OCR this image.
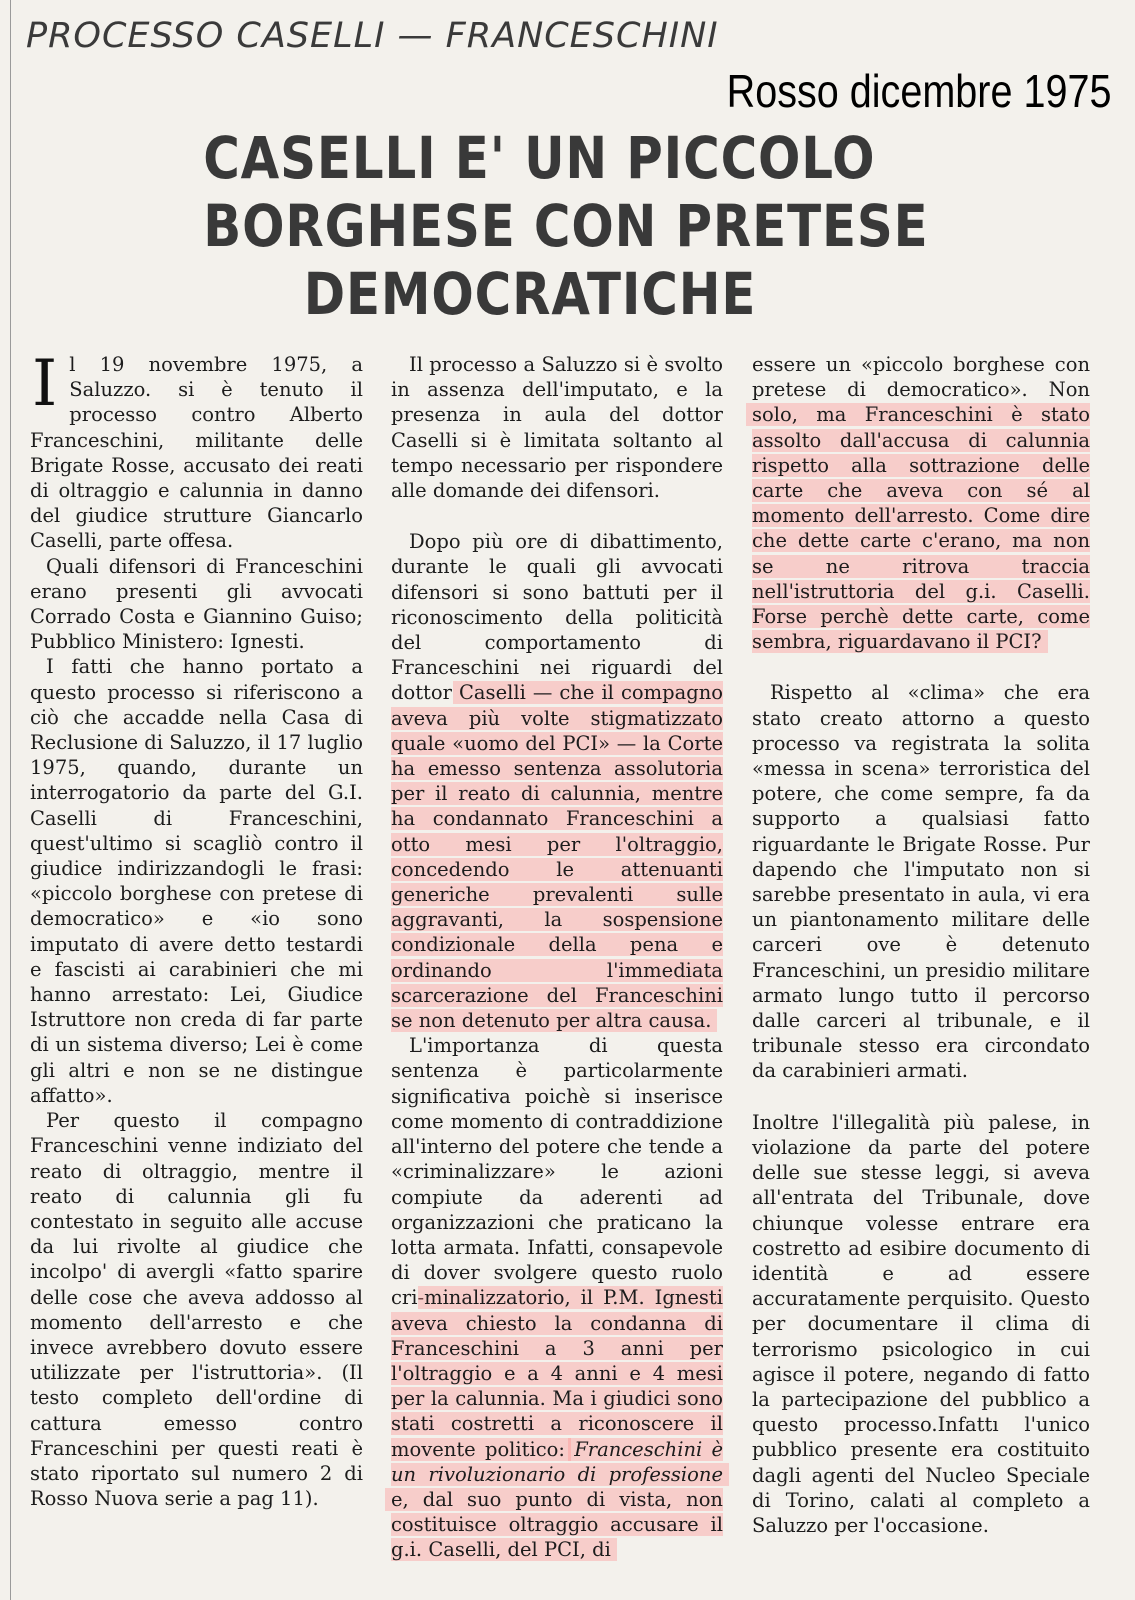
PROCESSO CASELLI — FRANCESCHINI
Rosso dicembre 1975
CASELLI E' UN PICCOLO
BORGHESE CON PRETESE
DEMOCRATICHE

Il 19 novembre 1975, a Saluzzo. si è tenuto il processo contro Alberto Franceschini, militante delle Brigate Rosse, accusato dei reati di oltraggio e calunnia in danno del giudice strutture Giancarlo Caselli, parte offesa.

Quali difensori di Franceschini erano presenti gli avvocati Corrado Costa e Giannino Guiso; Pubblico Ministero: Ignesti.

I fatti che hanno portato a questo processo si riferiscono a ciò che accadde nella Casa di Reclusione di Saluzzo, il 17 luglio 1975, quando, durante un interrogatorio da parte del G.I. Caselli di Franceschini, quest'ultimo si scagliò contro il giudice indirizzandogli le frasi: «piccolo borghese con pretese di democratico» e «io sono imputato di avere detto testardi e fascisti ai carabinieri che mi hanno arrestato: Lei, Giudice Istruttore non creda di far parte di un sistema diverso; Lei è come gli altri e non se ne distingue affatto».

Per questo il compagno Franceschini venne indiziato del reato di oltraggio, mentre il reato di calunnia gli fu contestato in seguito alle accuse da lui rivolte al giudice che incolpo' di avergli «fatto sparire delle cose che aveva addosso al momento dell'arresto e che invece avrebbero dovuto essere utilizzate per l'istruttoria». (Il testo completo dell'ordine di cattura emesso contro Franceschini per questi reati è stato riportato sul numero 2 di Rosso Nuova serie a pag 11).

Il processo a Saluzzo si è svolto in assenza dell'imputato, e la presenza in aula del dottor Caselli si è limitata soltanto al tempo necessario per rispondere alle domande dei difensori.

Dopo più ore di dibattimento, durante le quali gli avvocati difensori si sono battuti per il riconoscimento della politicità del comportamento di Franceschini nei riguardi del dottor Caselli — che il compagno aveva più volte stigmatizzato quale «uomo del PCI» — la Corte ha emesso sentenza assolutoria per il reato di calunnia, mentre ha condannato Franceschini a otto mesi per l'oltraggio, concedendo le attenuanti generiche prevalenti sulle aggravanti, la sospensione condizionale della pena e ordinando l'immediata scarcerazione del Franceschini se non detenuto per altra causa.

L'importanza di questa sentenza è particolarmente significativa poichè si inserisce come momento di contraddizione all'interno del potere che tende a «criminalizzare» le azioni compiute da aderenti ad organizzazioni che praticano la lotta armata. Infatti, consapevole di dover svolgere questo ruolo cri-minalizzatorio, il P.M. Ignesti aveva chiesto la condanna di Franceschini a 3 anni per l'oltraggio e a 4 anni e 4 mesi per la calunnia. Ma i giudici sono stati costretti a riconoscere il movente politico: Franceschini è un rivoluzionario di professione e, dal suo punto di vista, non costituisce oltraggio accusare il g.i. Caselli, del PCI, di

essere un «piccolo borghese con pretese di democratico». Non solo, ma Franceschini è stato assolto dall'accusa di calunnia rispetto alla sottrazione delle carte che aveva con sé al momento dell'arresto. Come dire che dette carte c'erano, ma non se ne ritrova traccia nell'istruttoria del g.i. Caselli. Forse perchè dette carte, come sembra, riguardavano il PCI?

Rispetto al «clima» che era stato creato attorno a questo processo va registrata la solita «messa in scena» terroristica del potere, che come sempre, fa da supporto a qualsiasi fatto riguardante le Brigate Rosse. Pur dapendo che l'imputato non si sarebbe presentato in aula, vi era un piantonamento militare delle carceri ove è detenuto Franceschini, un presidio militare armato lungo tutto il percorso dalle carceri al tribunale, e il tribunale stesso era circondato da carabinieri armati.

Inoltre l'illegalità più palese, in violazione da parte del potere delle sue stesse leggi, si aveva all'entrata del Tribunale, dove chiunque volesse entrare era costretto ad esibire documento di identità e ad essere accuratamente perquisito. Questo per documentare il clima di terrorismo psicologico in cui agisce il potere, negando di fatto la partecipazione del pubblico a questo processo.Infattı l'unico pubblico presente era costituito dagli agenti del Nucleo Speciale di Torino, calati al completo a Saluzzo per l'occasione.
